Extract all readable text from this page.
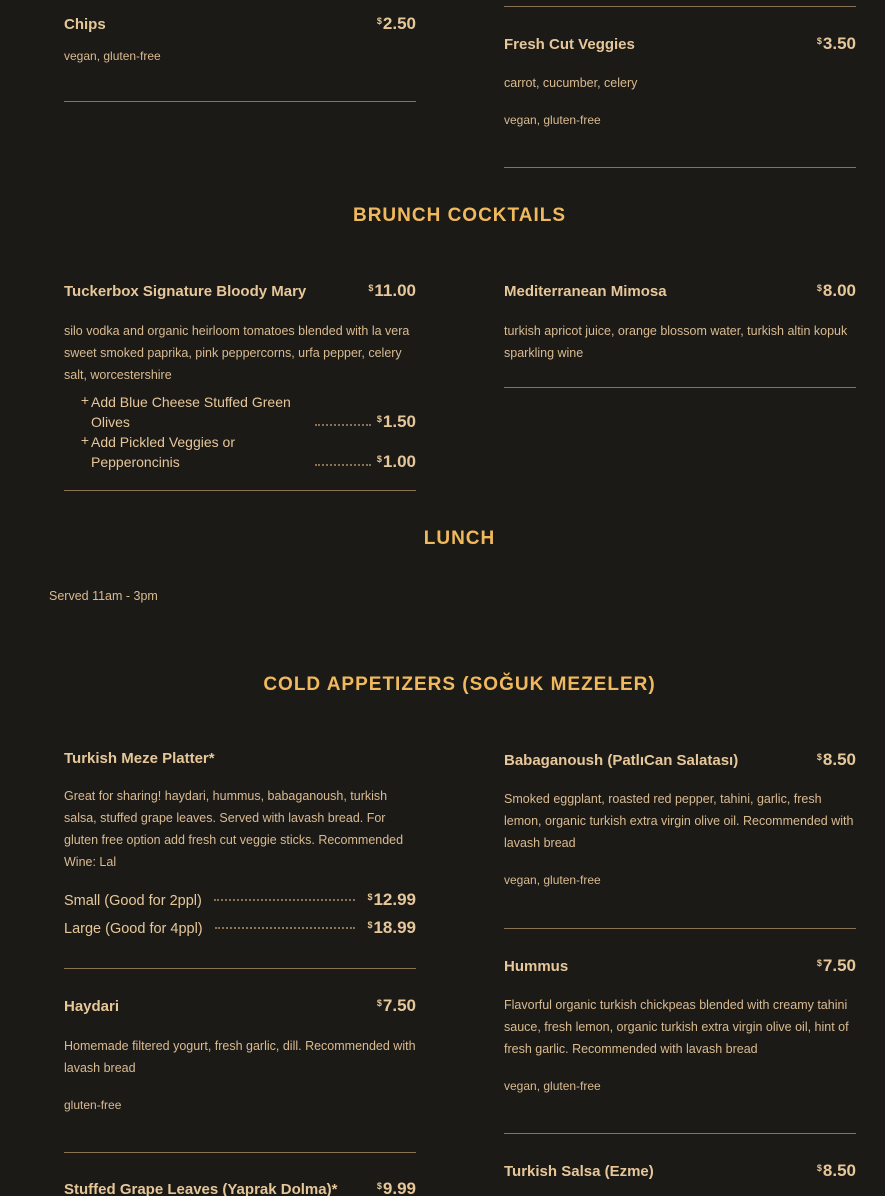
Chips	$2.50
vegan, gluten-free
Fresh Cut Veggies	$3.50
carrot, cucumber, celery
vegan, gluten-free
BRUNCH COCKTAILS
Tuckerbox Signature Bloody Mary	$11.00
silo vodka and organic heirloom tomatoes blended with la vera sweet smoked paprika, pink peppercorns, urfa pepper, celery salt, worcestershire
+ Add Blue Cheese Stuffed Green Olives	$1.50
+ Add Pickled Veggies or Pepperoncinis	$1.00
Mediterranean Mimosa	$8.00
turkish apricot juice, orange blossom water, turkish altin kopuk sparkling wine
LUNCH
Served 11am - 3pm
COLD APPETIZERS (SOĞUK MEZELER)
Turkish Meze Platter*
Great for sharing! haydari, hummus, babaganoush, turkish salsa, stuffed grape leaves. Served with lavash bread. For gluten free option add fresh cut veggie sticks. Recommended Wine: Lal
Small (Good for 2ppl)	$12.99
Large (Good for 4ppl)	$18.99
Haydari	$7.50
Homemade filtered yogurt, fresh garlic, dill. Recommended with lavash bread
gluten-free
Stuffed Grape Leaves (Yaprak Dolma)*	$9.99
Babaganoush (PatlıCan Salatası)	$8.50
Smoked eggplant, roasted red pepper, tahini, garlic, fresh lemon, organic turkish extra virgin olive oil. Recommended with lavash bread
vegan, gluten-free
Hummus	$7.50
Flavorful organic turkish chickpeas blended with creamy tahini sauce, fresh lemon, organic turkish extra virgin olive oil, hint of fresh garlic. Recommended with lavash bread
vegan, gluten-free
Turkish Salsa (Ezme)	$8.50
